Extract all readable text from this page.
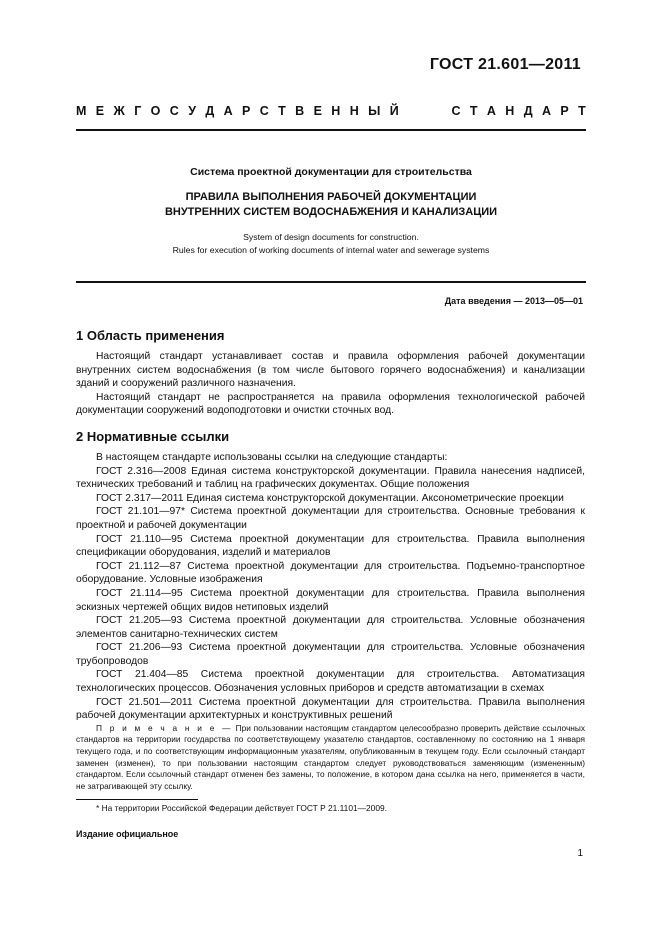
ГОСТ 21.601—2011
М Е Ж Г О С У Д А Р С Т В Е Н Н Ы Й	С Т А Н Д А Р Т
Система проектной документации для строительства
ПРАВИЛА ВЫПОЛНЕНИЯ РАБОЧЕЙ ДОКУМЕНТАЦИИ
ВНУТРЕННИХ СИСТЕМ ВОДОСНАБЖЕНИЯ И КАНАЛИЗАЦИИ
System of design documents for construction.
Rules for execution of working documents of internal water and sewerage systems
Дата введения — 2013—05—01
1 Область применения

Настоящий стандарт устанавливает состав и правила оформления рабочей документации внутренних систем водоснабжения (в том числе бытового горячего водоснабжения) и канализации зданий и сооружений различного назначения.

Настоящий стандарт не распространяется на правила оформления технологической рабочей документации сооружений водоподготовки и очистки сточных вод.

2 Нормативные ссылки

В настоящем стандарте использованы ссылки на следующие стандарты:

ГОСТ 2.316—2008 Единая система конструкторской документации. Правила нанесения надписей, технических требований и таблиц на графических документах. Общие положения

ГОСТ 2.317—2011 Единая система конструкторской документации. Аксонометрические проекции

ГОСТ 21.101—97* Система проектной документации для строительства. Основные требования к проектной и рабочей документации

ГОСТ 21.110—95 Система проектной документации для строительства. Правила выполнения спецификации оборудования, изделий и материалов

ГОСТ 21.112—87 Система проектной документации для строительства. Подъемно-транспортное оборудование. Условные изображения

ГОСТ 21.114—95 Система проектной документации для строительства. Правила выполнения эскизных чертежей общих видов нетиповых изделий

ГОСТ 21.205—93 Система проектной документации для строительства. Условные обозначения элементов санитарно-технических систем

ГОСТ 21.206—93 Система проектной документации для строительства. Условные обозначения трубопроводов

ГОСТ 21.404—85 Система проектной документации для строительства. Автоматизация технологических процессов. Обозначения условных приборов и средств автоматизации в схемах

ГОСТ 21.501—2011 Система проектной документации для строительства. Правила выполнения рабочей документации архитектурных и конструктивных решений

П р и м е ч а н и е — При пользовании настоящим стандартом целесообразно проверить действие ссылочных стандартов на территории государства по соответствующему указателю стандартов, составленному по состоянию на 1 января текущего года, и по соответствующим информационным указателям, опубликованным в текущем году. Если ссылочный стандарт заменен (изменен), то при пользовании настоящим стандартом следует руководствоваться заменяющим (измененным) стандартом. Если ссылочный стандарт отменен без замены, то положение, в котором дана ссылка на него, применяется в части, не затрагивающей эту ссылку.

* На территории Российской Федерации действует ГОСТ Р 21.1101—2009.
Издание официальное
1
